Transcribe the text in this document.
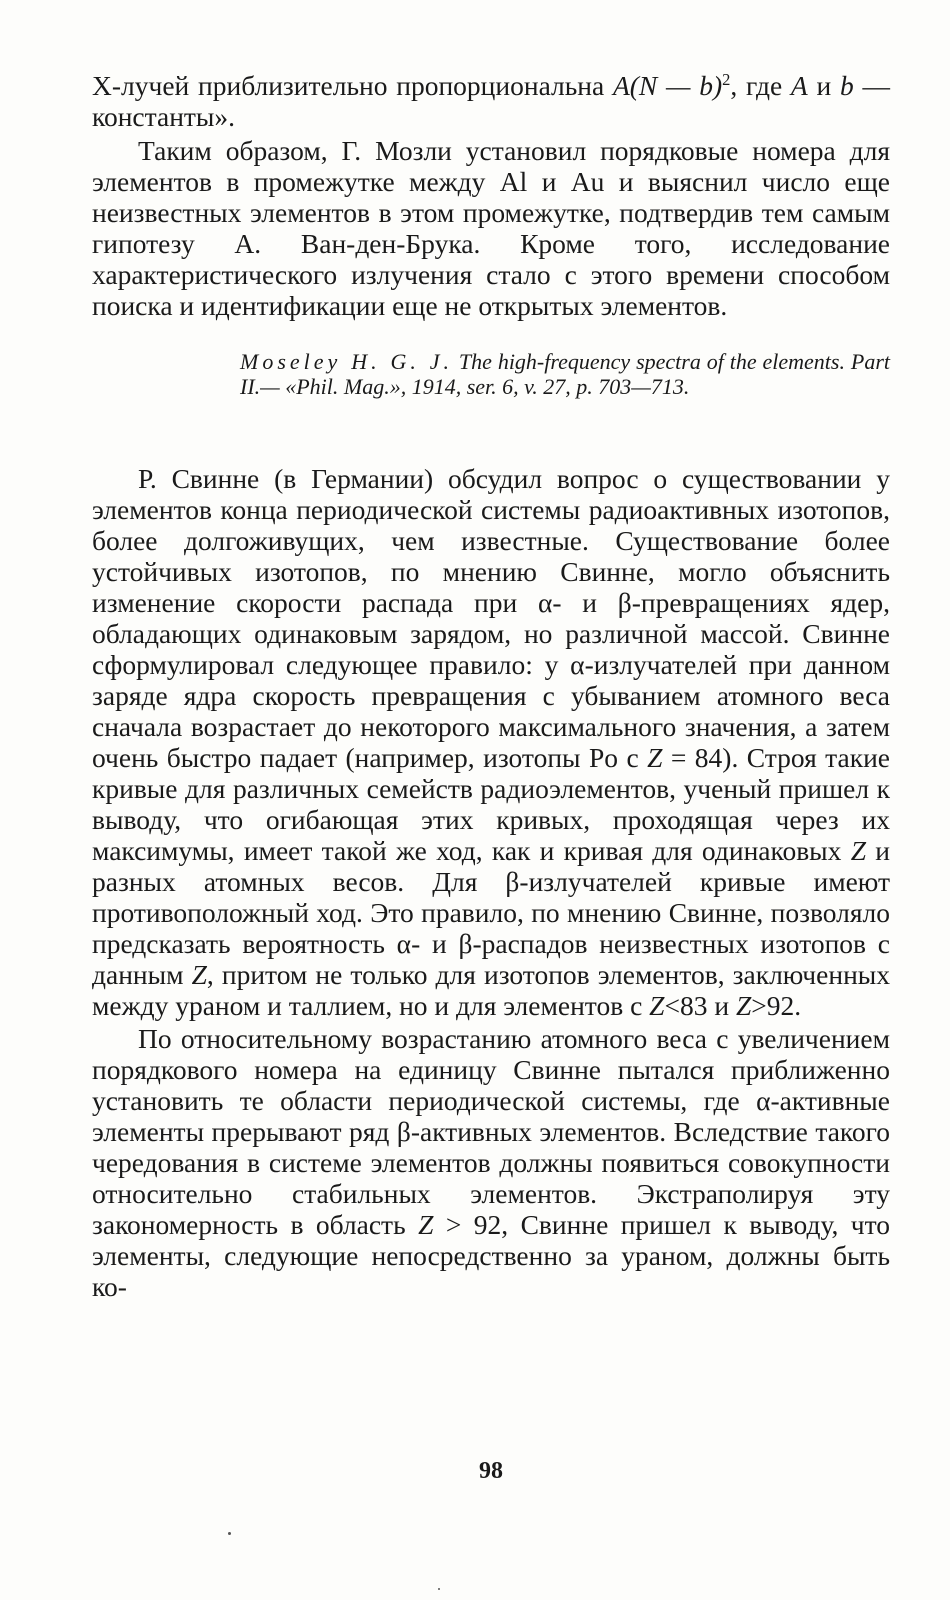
X-лучей приблизительно пропорциональна A(N — b)$^2$, где A и b — константы».

Таким образом, Г. Мозли установил порядковые номера для элементов в промежутке между Al и Au и выяснил число еще неизвестных элементов в этом промежутке, подтвердив тем самым гипотезу А. Ван-ден-Брука. Кроме того, исследование характеристического излучения стало с этого времени способом поиска и идентификации еще не открытых элементов.

Moseley H. G. J. The high-frequency spectra of the elements. Part II.— «Phil. Mag.», 1914, ser. 6, v. 27, p. 703—713.

Р. Свинне (в Германии) обсудил вопрос о существовании у элементов конца периодической системы радиоактивных изотопов, более долгоживущих, чем известные. Существование более устойчивых изотопов, по мнению Свинне, могло объяснить изменение скорости распада при α- и β-превращениях ядер, обладающих одинаковым зарядом, но различной массой. Свинне сформулировал следующее правило: у α-излучателей при данном заряде ядра скорость превращения с убыванием атомного веса сначала возрастает до некоторого максимального значения, а затем очень быстро падает (например, изотопы Po с Z = 84). Строя такие кривые для различных семейств радиоэлементов, ученый пришел к выводу, что огибающая этих кривых, проходящая через их максимумы, имеет такой же ход, как и кривая для одинаковых Z и разных атомных весов. Для β-излучателей кривые имеют противоположный ход. Это правило, по мнению Свинне, позволяло предсказать вероятность α- и β-распадов неизвестных изотопов с данным Z, притом не только для изотопов элементов, заключенных между ураном и таллием, но и для элементов с Z<83 и Z>92.

По относительному возрастанию атомного веса с увеличением порядкового номера на единицу Свинне пытался приближенно установить те области периодической системы, где α-активные элементы прерывают ряд β-активных элементов. Вследствие такого чередования в системе элементов должны появиться совокупности относительно стабильных элементов. Экстраполируя эту закономерность в область Z > 92, Свинне пришел к выводу, что элементы, следующие непосредственно за ураном, должны быть ко-

98
